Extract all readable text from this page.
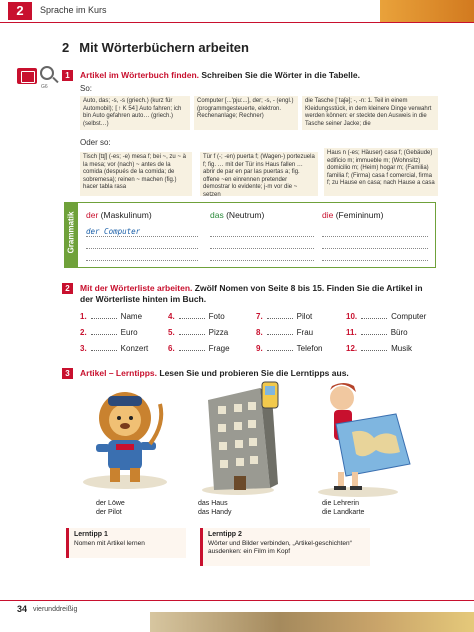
2	Sprache im Kurs
2 Mit Wörterbüchern arbeiten
G6
1	Artikel im Wörterbuch finden. Schreiben Sie die Wörter in die Tabelle.
So:
Auto, das; -s, -s (griech.) (kurz für Automobil); ⟦↑ K 54⟧ Auto fahren; ich bin Auto gefahren auto… (griech.) (selbst…)
Computer [...'pju:...], der; -s, - (engl.) (programmgesteuerte, elektron. Rechenanlage; Rechner)
die Tasche [ˈtaʃə]; -, -n: 1. Teil in einem Kleidungsstück, in dem kleinere Dinge verwahrt werden können: er steckte den Ausweis in die Tasche seiner Jacke; die
Oder so:
Tisch [tɪʃ] (-es; -e) mesa f; bei ~, zu ~ à la mesa; vor (nach) ~ antes de la comida (después de la comida; de sobremesa); reinen ~ machen (fig.) hacer tabla rasa
Tür f (-; -en) puerta f; (Wagen-) portezuela f; fig. … mit der Tür ins Haus fallen … abrir de par en par las puertas a; fig. offene ~en einrennen pretender demostrar lo evidente; j-m vor die ~ setzen
Haus n (-es; Häuser) casa f; (Gebäude) edificio m; immueble m; (Wohnsitz) domicilio m; (Heim) hogar m; (Familia) familia f; (Firma) casa f comercial, firma f; zu Hause en casa; nach Hause a casa
Grammatik der (Maskulinum)	das (Neutrum)	die (Femininum)
der Computer
2	Mit der Wörterliste arbeiten. Zwölf Nomen von Seite 8 bis 15. Finden Sie die Artikel in der Wörterliste hinten im Buch.
1.	Name
2.	Euro
3.	Konzert
4.	Foto
5.	Pizza
6.	Frage
7.	Pilot
8.	Frau
9.	Telefon
10.	Computer
11.	Büro
12.	Musik
3	Artikel – Lerntipps. Lesen Sie und probieren Sie die Lerntipps aus.
der Löwe
der Pilot
das Haus
das Handy
die Lehrerin
die Landkarte
Lerntipp 1
Nomen mit Artikel lernen
Lerntipp 2
Wörter und Bilder verbinden, „Artikel-geschichten“ ausdenken: ein Film im Kopf
34 vierunddreißig
